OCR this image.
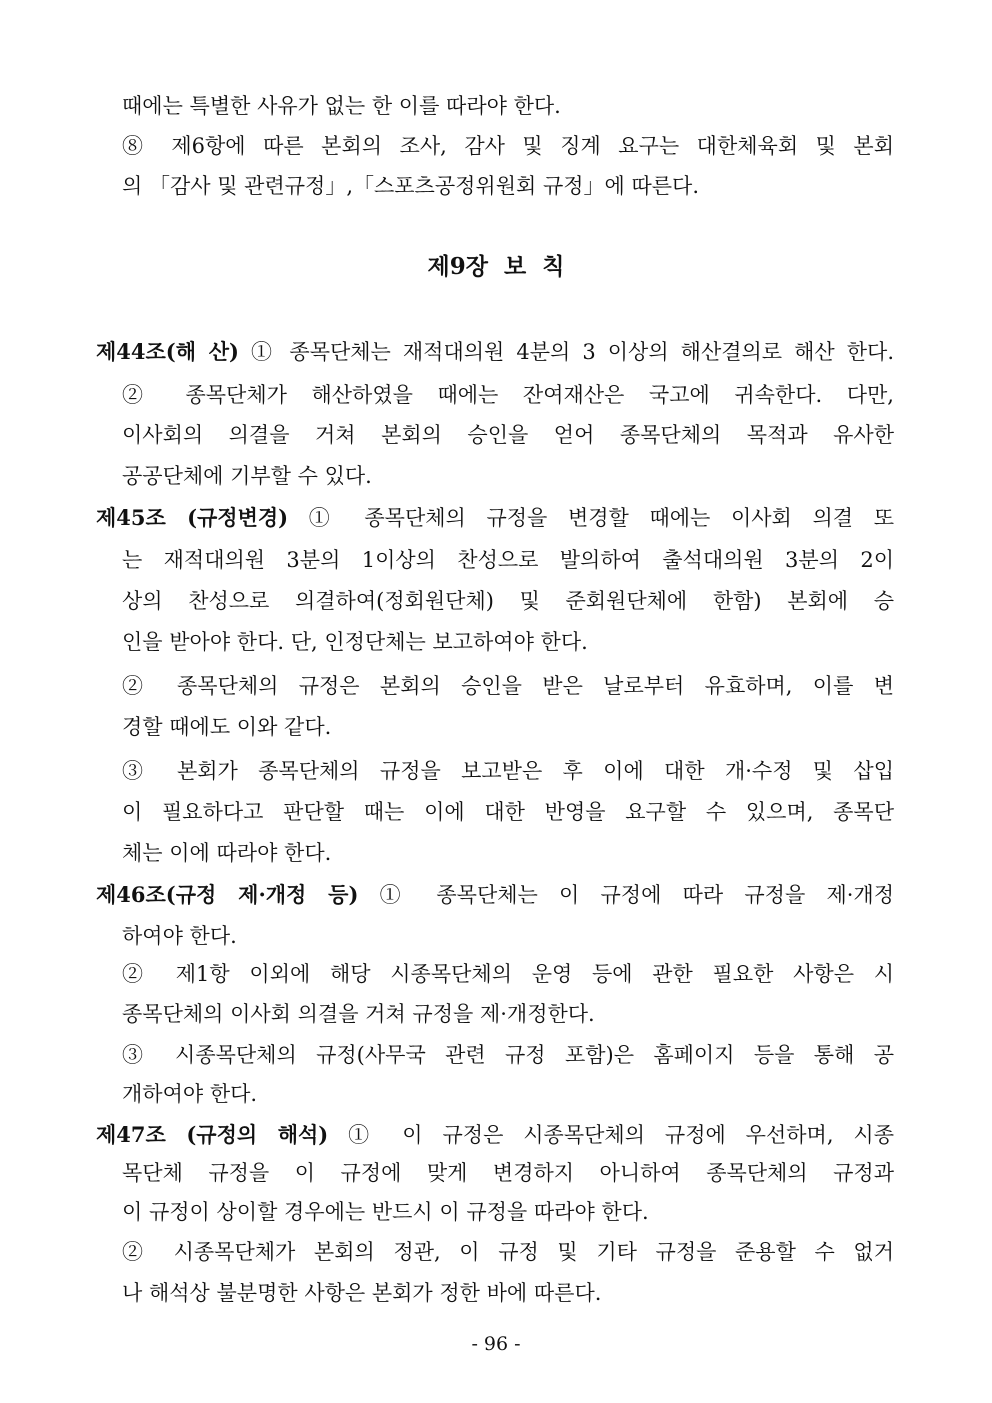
때에는 특별한 사유가 없는 한 이를 따라야 한다.
⑧ 제6항에 따른 본회의 조사, 감사 및 징계 요구는 대한체육회 및 본회
의 「감사 및 관련규정」,「스포츠공정위원회 규정」에 따른다.
제9장 보 칙
제44조(해 산) ① 종목단체는 재적대의원 4분의 3 이상의 해산결의로 해산 한다.
② 종목단체가 해산하였을 때에는 잔여재산은 국고에 귀속한다. 다만,
이사회의 의결을 거쳐 본회의 승인을 얻어 종목단체의 목적과 유사한
공공단체에 기부할 수 있다.
제45조 (규정변경) ① 종목단체의 규정을 변경할 때에는 이사회 의결 또
는 재적대의원 3분의 1이상의 찬성으로 발의하여 출석대의원 3분의 2이
상의 찬성으로 의결하여(정회원단체) 및 준회원단체에 한함) 본회에 승
인을 받아야 한다. 단, 인정단체는 보고하여야 한다.
② 종목단체의 규정은 본회의 승인을 받은 날로부터 유효하며, 이를 변
경할 때에도 이와 같다.
③ 본회가 종목단체의 규정을 보고받은 후 이에 대한 개·수정 및 삽입
이 필요하다고 판단할 때는 이에 대한 반영을 요구할 수 있으며, 종목단
체는 이에 따라야 한다.
제46조(규정 제·개정 등) ① 종목단체는 이 규정에 따라 규정을 제·개정
하여야 한다.
② 제1항 이외에 해당 시종목단체의 운영 등에 관한 필요한 사항은 시
종목단체의 이사회 의결을 거쳐 규정을 제·개정한다.
③ 시종목단체의 규정(사무국 관련 규정 포함)은 홈페이지 등을 통해 공
개하여야 한다.
제47조 (규정의 해석) ① 이 규정은 시종목단체의 규정에 우선하며, 시종
목단체 규정을 이 규정에 맞게 변경하지 아니하여 종목단체의 규정과
이 규정이 상이할 경우에는 반드시 이 규정을 따라야 한다.
② 시종목단체가 본회의 정관, 이 규정 및 기타 규정을 준용할 수 없거
나 해석상 불분명한 사항은 본회가 정한 바에 따른다.
- 96 -
